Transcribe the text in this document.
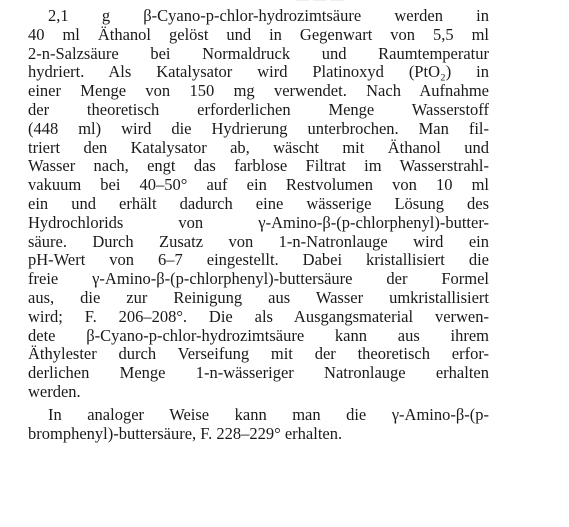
2,1 g β-Cyano-p-chlor-hydrozimtsäure werden in
40 ml Äthanol gelöst und in Gegenwart von 5,5 ml
2-n-Salzsäure bei Normaldruck und Raumtemperatur
hydriert. Als Katalysator wird Platinoxyd (PtO₂) in
einer Menge von 150 mg verwendet. Nach Aufnahme
der theoretisch erforderlichen Menge Wasserstoff
(448 ml) wird die Hydrierung unterbrochen. Man fil-
triert den Katalysator ab, wäscht mit Äthanol und
Wasser nach, engt das farblose Filtrat im Wasserstrahl-
vakuum bei 40–50° auf ein Restvolumen von 10 ml
ein und erhält dadurch eine wässerige Lösung des
Hydrochlorids von γ-Amino-β-(p-chlorphenyl)-butter-
säure. Durch Zusatz von 1-n-Natronlauge wird ein
pH-Wert von 6–7 eingestellt. Dabei kristallisiert die
freie γ-Amino-β-(p-chlorphenyl)-buttersäure der Formel
aus, die zur Reinigung aus Wasser umkristallisiert
wird; F. 206–208°. Die als Ausgangsmaterial verwen-
dete β-Cyano-p-chlor-hydrozimtsäure kann aus ihrem
Äthylester durch Verseifung mit der theoretisch erfor-
derlichen Menge 1-n-wässeriger Natronlauge erhalten
werden.
In analoger Weise kann man die γ-Amino-β-(p-
bromphenyl)-buttersäure, F. 228–229° erhalten.
